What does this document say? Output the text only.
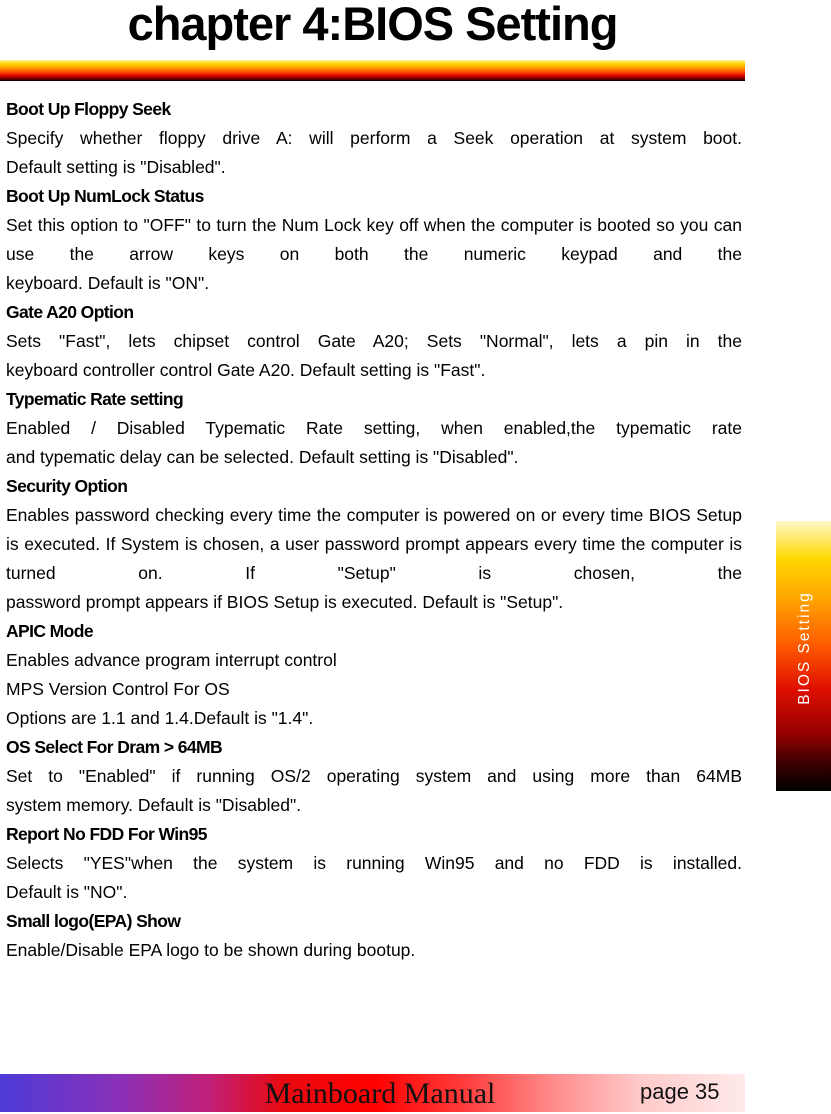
chapter 4:BIOS Setting
Boot Up Floppy Seek
Specify whether floppy drive A: will perform a Seek operation at system boot.

Default setting is "Disabled".

Boot Up NumLock Status
Set this option to "OFF" to turn the Num Lock key off when the computer is booted so you can use the arrow keys on both the numeric keypad and the

keyboard. Default is "ON".

Gate A20 Option
Sets "Fast", lets chipset control Gate A20; Sets "Normal", lets a pin in the

keyboard controller control Gate A20. Default setting is "Fast".

Typematic Rate setting
Enabled / Disabled Typematic Rate setting, when enabled,the typematic rate

and typematic delay can be selected. Default setting is "Disabled".

Security Option
Enables password checking every time the computer is powered on or every time BIOS Setup is executed. If System is chosen, a user password prompt appears every time the computer is turned on. If "Setup" is chosen, the

password prompt appears if BIOS Setup is executed. Default is "Setup".

APIC Mode

Enables advance program interrupt control

MPS Version Control For OS

Options are 1.1 and 1.4.Default is "1.4".

OS Select For Dram > 64MB
Set to "Enabled" if running OS/2 operating system and using more than 64MB

system memory. Default is "Disabled".

Report No FDD For Win95
Selects "YES"when the system is running Win95 and no FDD is installed.

Default is "NO".

Small logo(EPA) Show

Enable/Disable EPA logo to be shown during bootup.

BIOS Setting
Mainboard Manual	page 35
